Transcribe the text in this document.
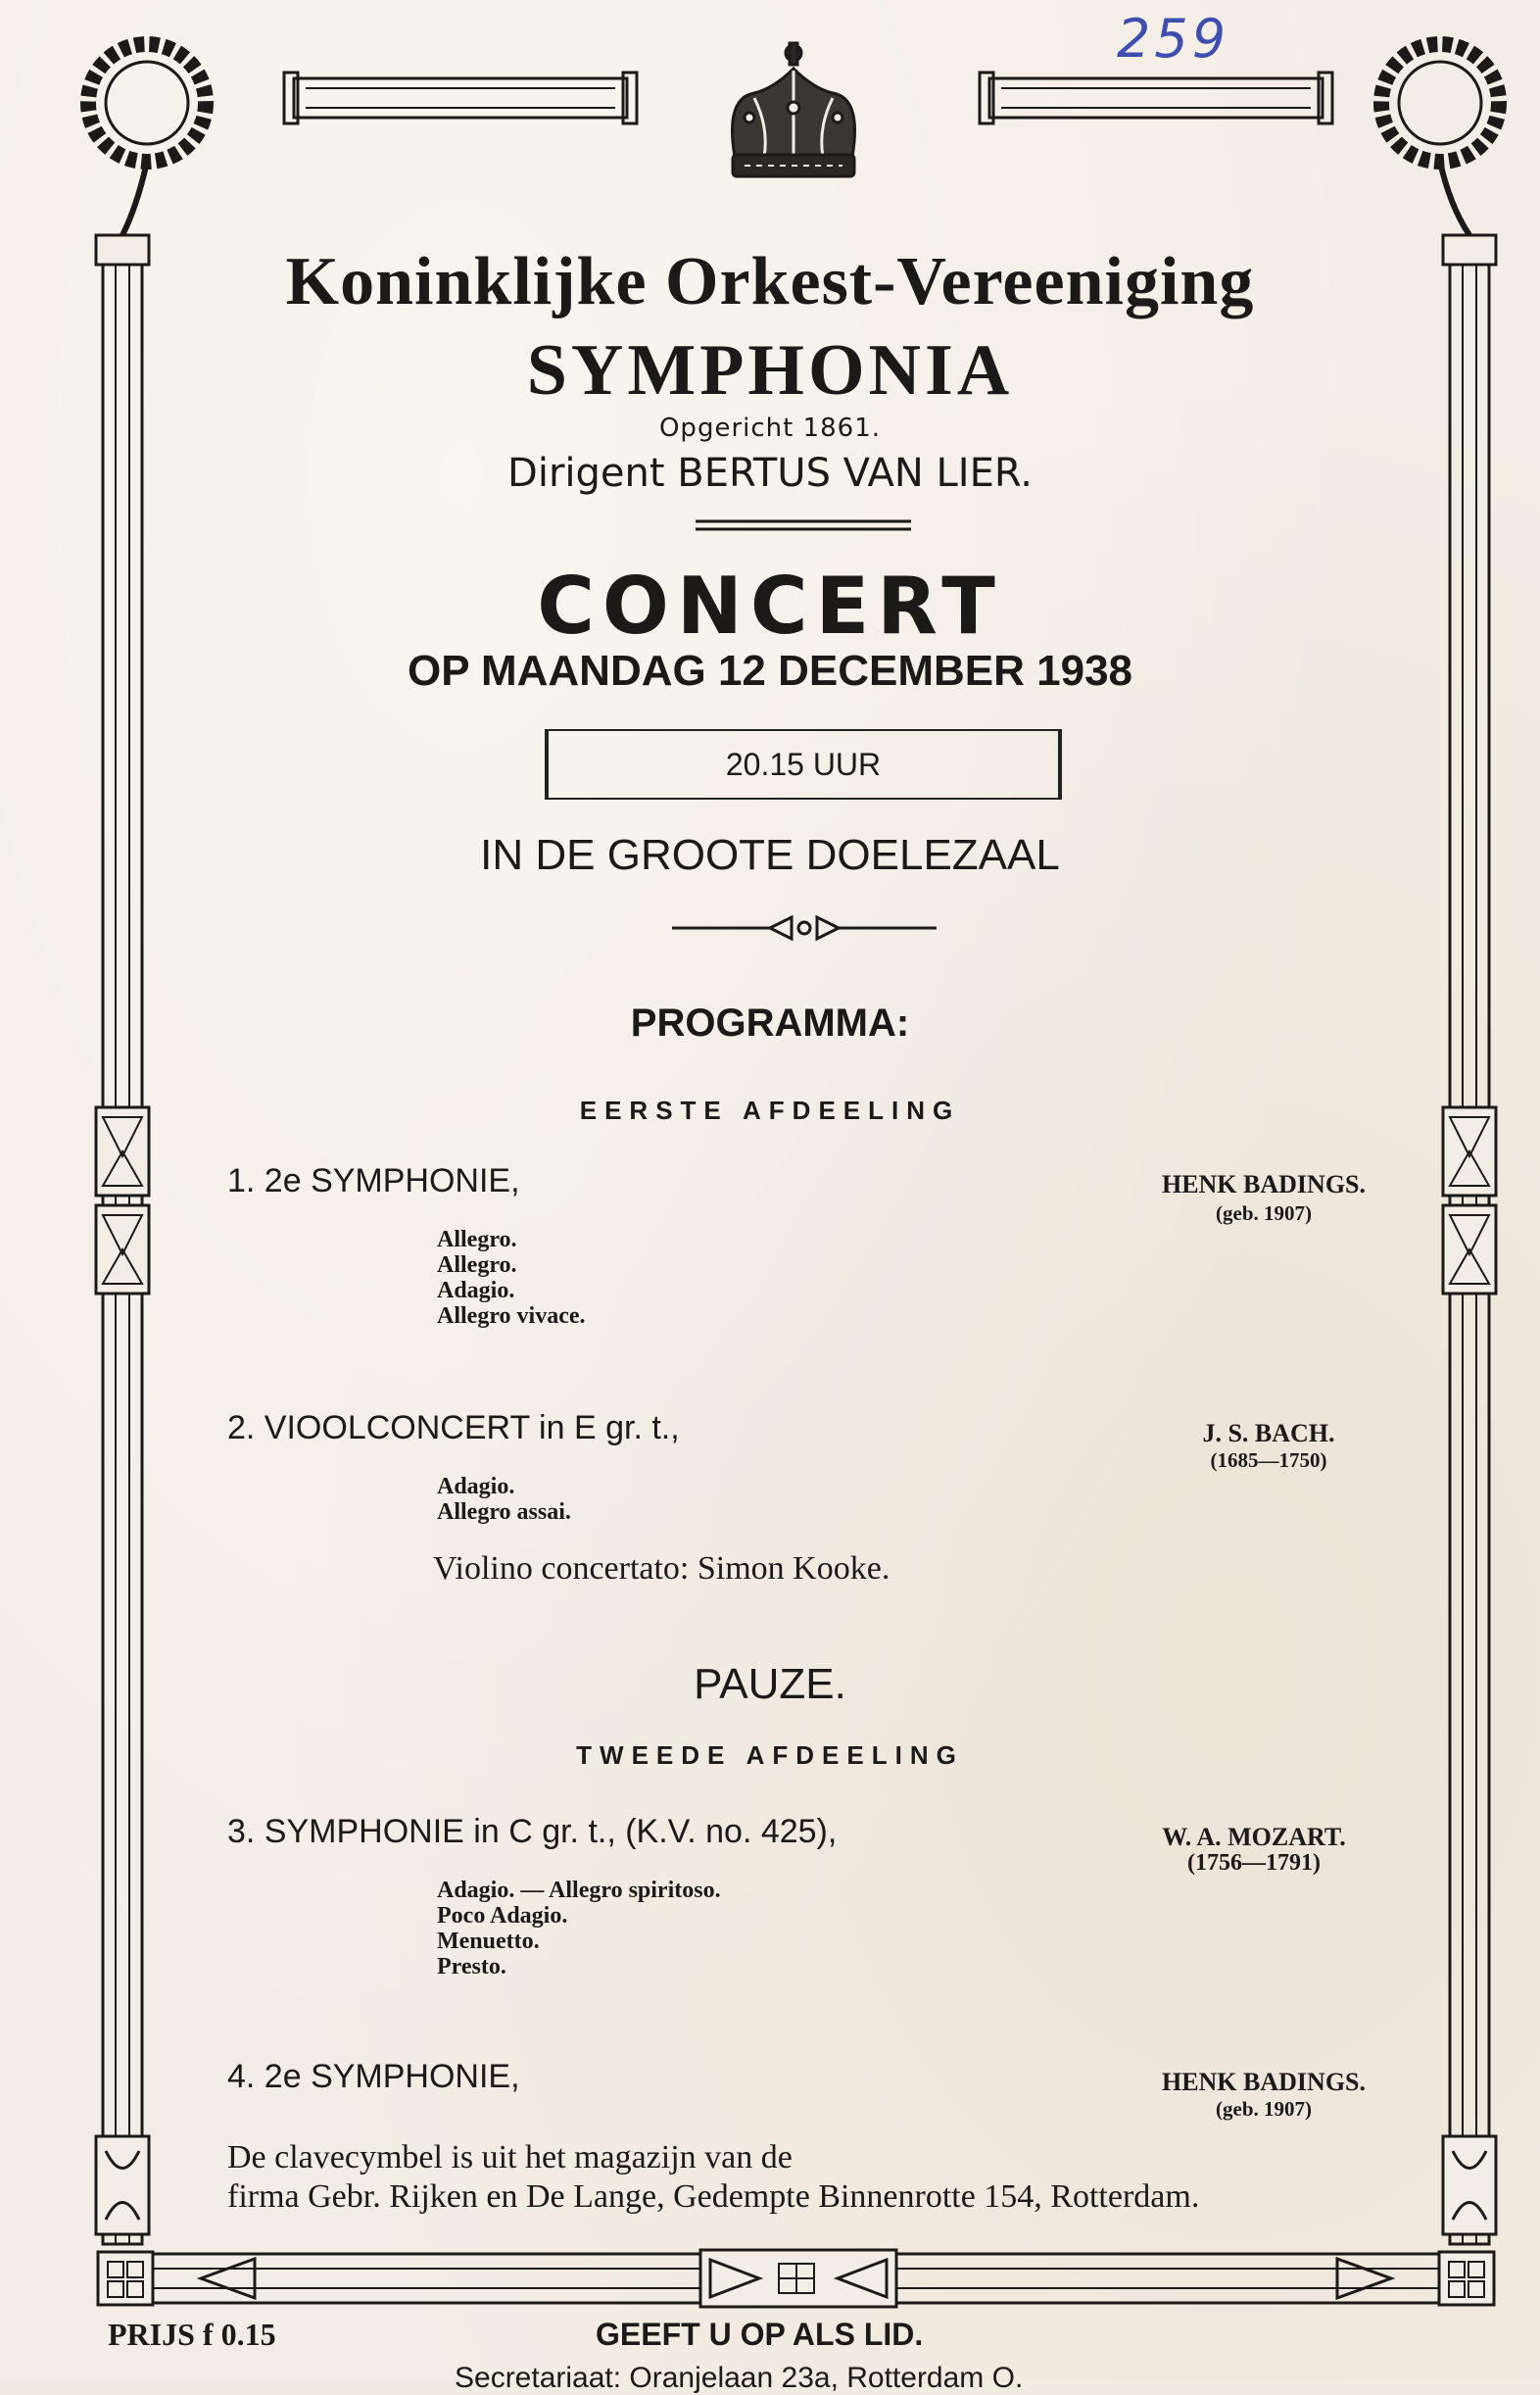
259
Koninklijke Orkest-Vereeniging
SYMPHONIA
Opgericht 1861.
Dirigent BERTUS VAN LIER.
CONCERT
OP MAANDAG 12 DECEMBER 1938
20.15 UUR
IN DE GROOTE DOELEZAAL
PROGRAMMA:
EERSTE AFDEELING
1. 2e SYMPHONIE,	HENK BADINGS.
(geb. 1907)
Allegro.
Allegro.
Adagio.
Allegro vivace.
2. VIOOLCONCERT in E gr. t.,	J. S. BACH.
(1685—1750)
Adagio.
Allegro assai.
Violino concertato: Simon Kooke.
PAUZE.
TWEEDE AFDEELING
3. SYMPHONIE in C gr. t., (K.V. no. 425),	W. A. MOZART.
(1756—1791)
Adagio. — Allegro spiritoso.
Poco Adagio.
Menuetto.
Presto.
4. 2e SYMPHONIE,	HENK BADINGS.
(geb. 1907)
De clavecymbel is uit het magazijn van de
firma Gebr. Rijken en De Lange, Gedempte Binnenrotte 154, Rotterdam.
PRIJS f 0.15	GEEFT U OP ALS LID.
Secretariaat: Oranjelaan 23a, Rotterdam O.
